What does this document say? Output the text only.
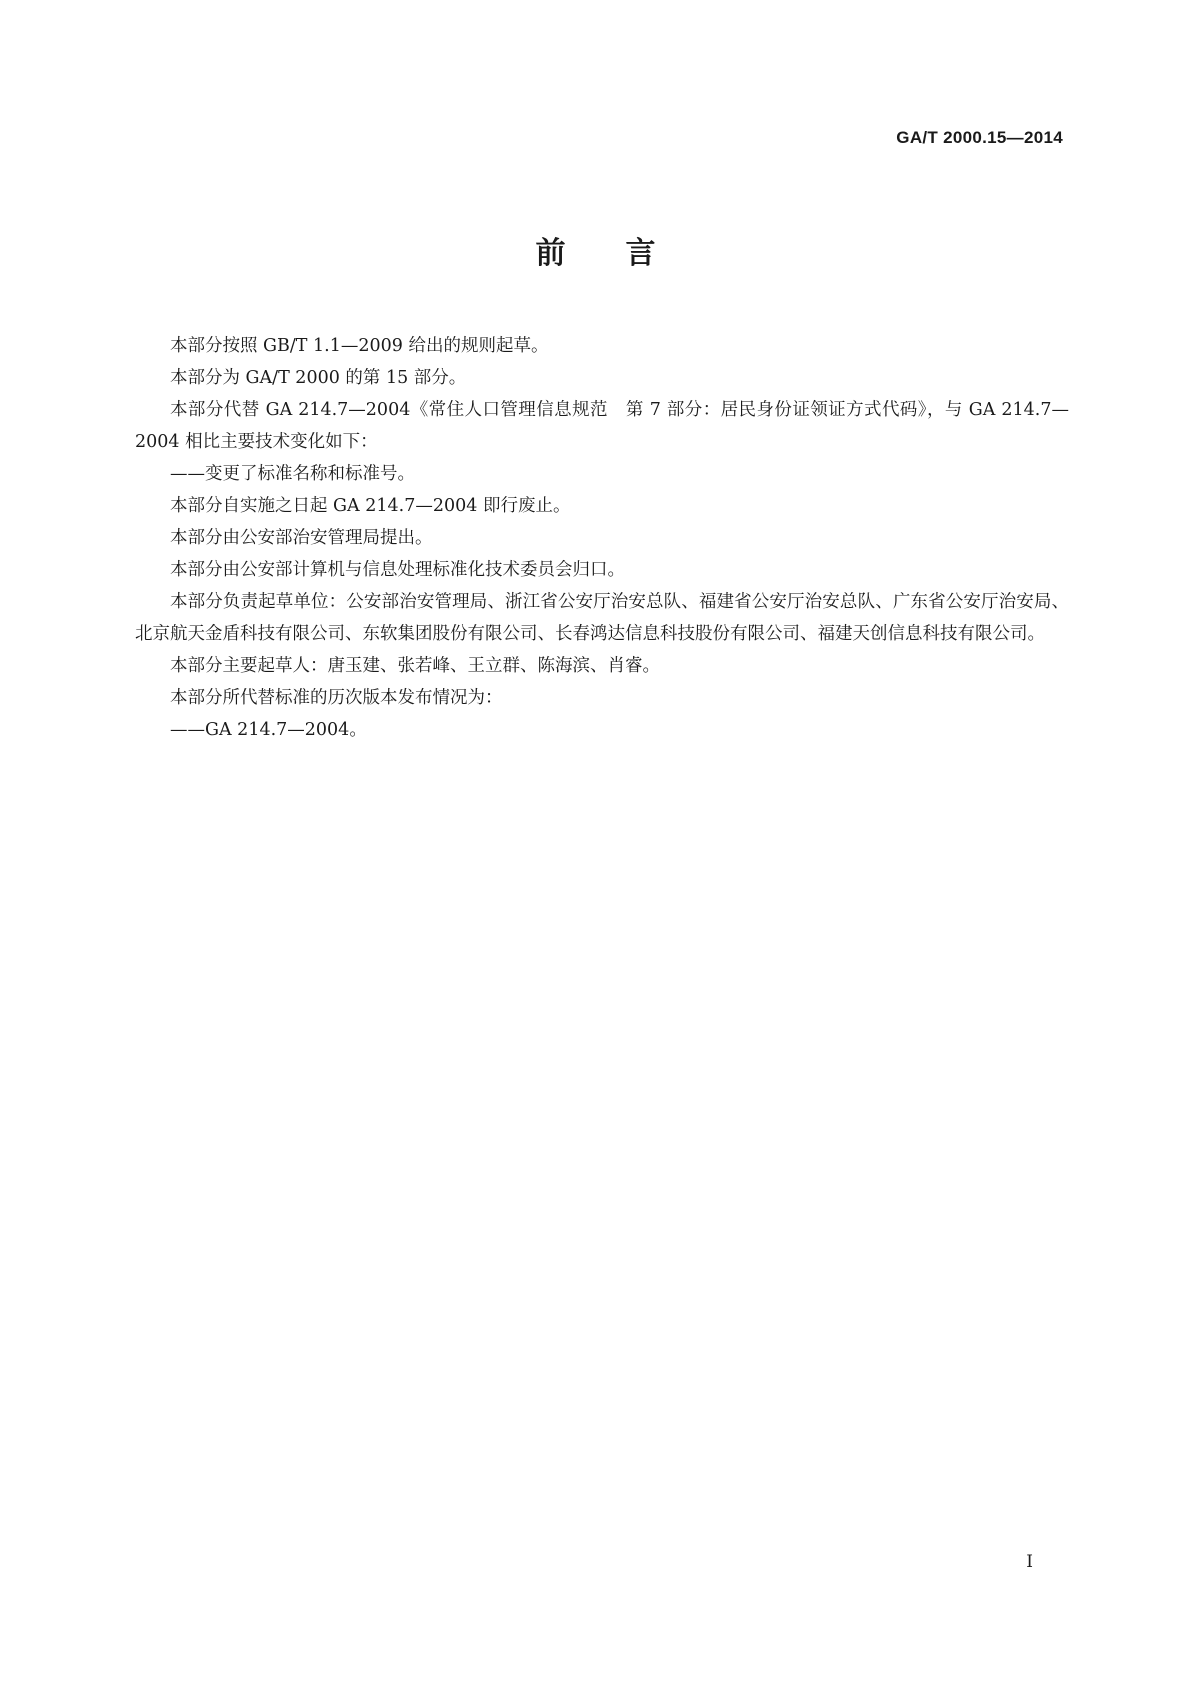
GA/T 2000.15—2014
前 言

本部分按照 GB/T 1.1—2009 给出的规则起草。

本部分为 GA/T 2000 的第 15 部分。

本部分代替 GA 214.7—2004《常住人口管理信息规范　第 7 部分：居民身份证领证方式代码》，与 GA 214.7—2004 相比主要技术变化如下：

——变更了标准名称和标准号。

本部分自实施之日起 GA 214.7—2004 即行废止。

本部分由公安部治安管理局提出。

本部分由公安部计算机与信息处理标准化技术委员会归口。

本部分负责起草单位：公安部治安管理局、浙江省公安厅治安总队、福建省公安厅治安总队、广东省公安厅治安局、北京航天金盾科技有限公司、东软集团股份有限公司、长春鸿达信息科技股份有限公司、福建天创信息科技有限公司。

本部分主要起草人：唐玉建、张若峰、王立群、陈海滨、肖睿。

本部分所代替标准的历次版本发布情况为：

——GA 214.7—2004。

I
